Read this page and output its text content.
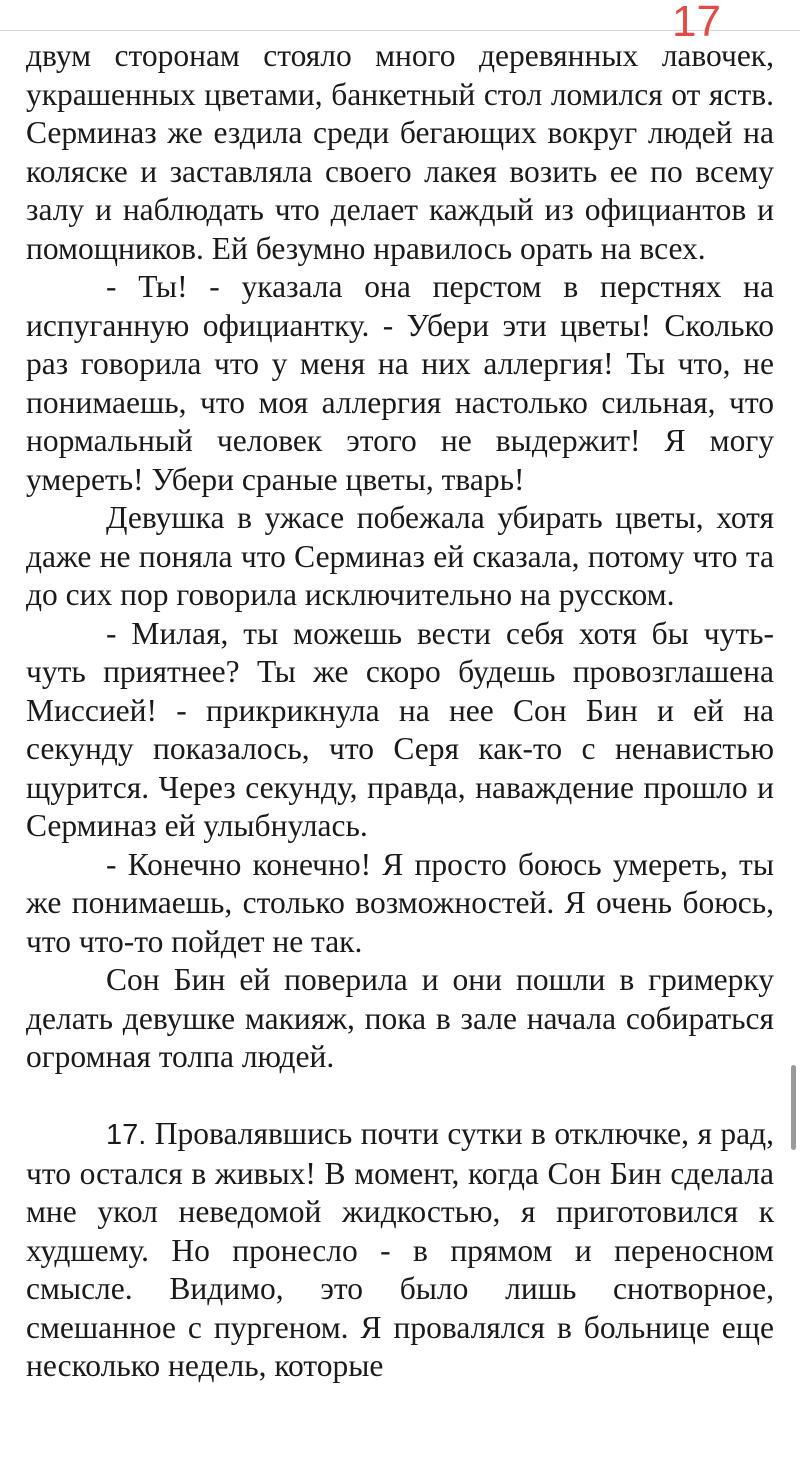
17

двум сторонам стояло много деревянных лавочек, украшенных цветами, банкетный стол ломился от яств. Серминаз же ездила среди бегающих вокруг людей на коляске и заставляла своего лакея возить ее по всему залу и наблюдать что делает каждый из официантов и помощников. Ей безумно нравилось орать на всех.

- Ты! - указала она перстом в перстнях на испуганную официантку. - Убери эти цветы! Сколько раз говорила что у меня на них аллергия! Ты что, не понимаешь, что моя аллергия настолько сильная, что нормальный человек этого не выдержит! Я могу умереть! Убери сраные цветы, тварь!

Девушка в ужасе побежала убирать цветы, хотя даже не поняла что Серминаз ей сказала, потому что та до сих пор говорила исключительно на русском.

- Милая, ты можешь вести себя хотя бы чуть-чуть приятнее? Ты же скоро будешь провозглашена Миссией! - прикрикнула на нее Сон Бин и ей на секунду показалось, что Серя как-то с ненавистью щурится. Через секунду, правда, наваждение прошло и Серминаз ей улыбнулась.

- Конечно конечно! Я просто боюсь умереть, ты же понимаешь, столько возможностей. Я очень боюсь, что что-то пойдет не так.

Сон Бин ей поверила и они пошли в гримерку делать девушке макияж, пока в зале начала собираться огромная толпа людей.

17. Провалявшись почти сутки в отключке, я рад, что остался в живых! В момент, когда Сон Бин сделала мне укол неведомой жидкостью, я приготовился к худшему. Но пронесло - в прямом и переносном смысле. Видимо, это было лишь снотворное, смешанное с пургеном. Я провалялся в больнице еще несколько недель, которые
